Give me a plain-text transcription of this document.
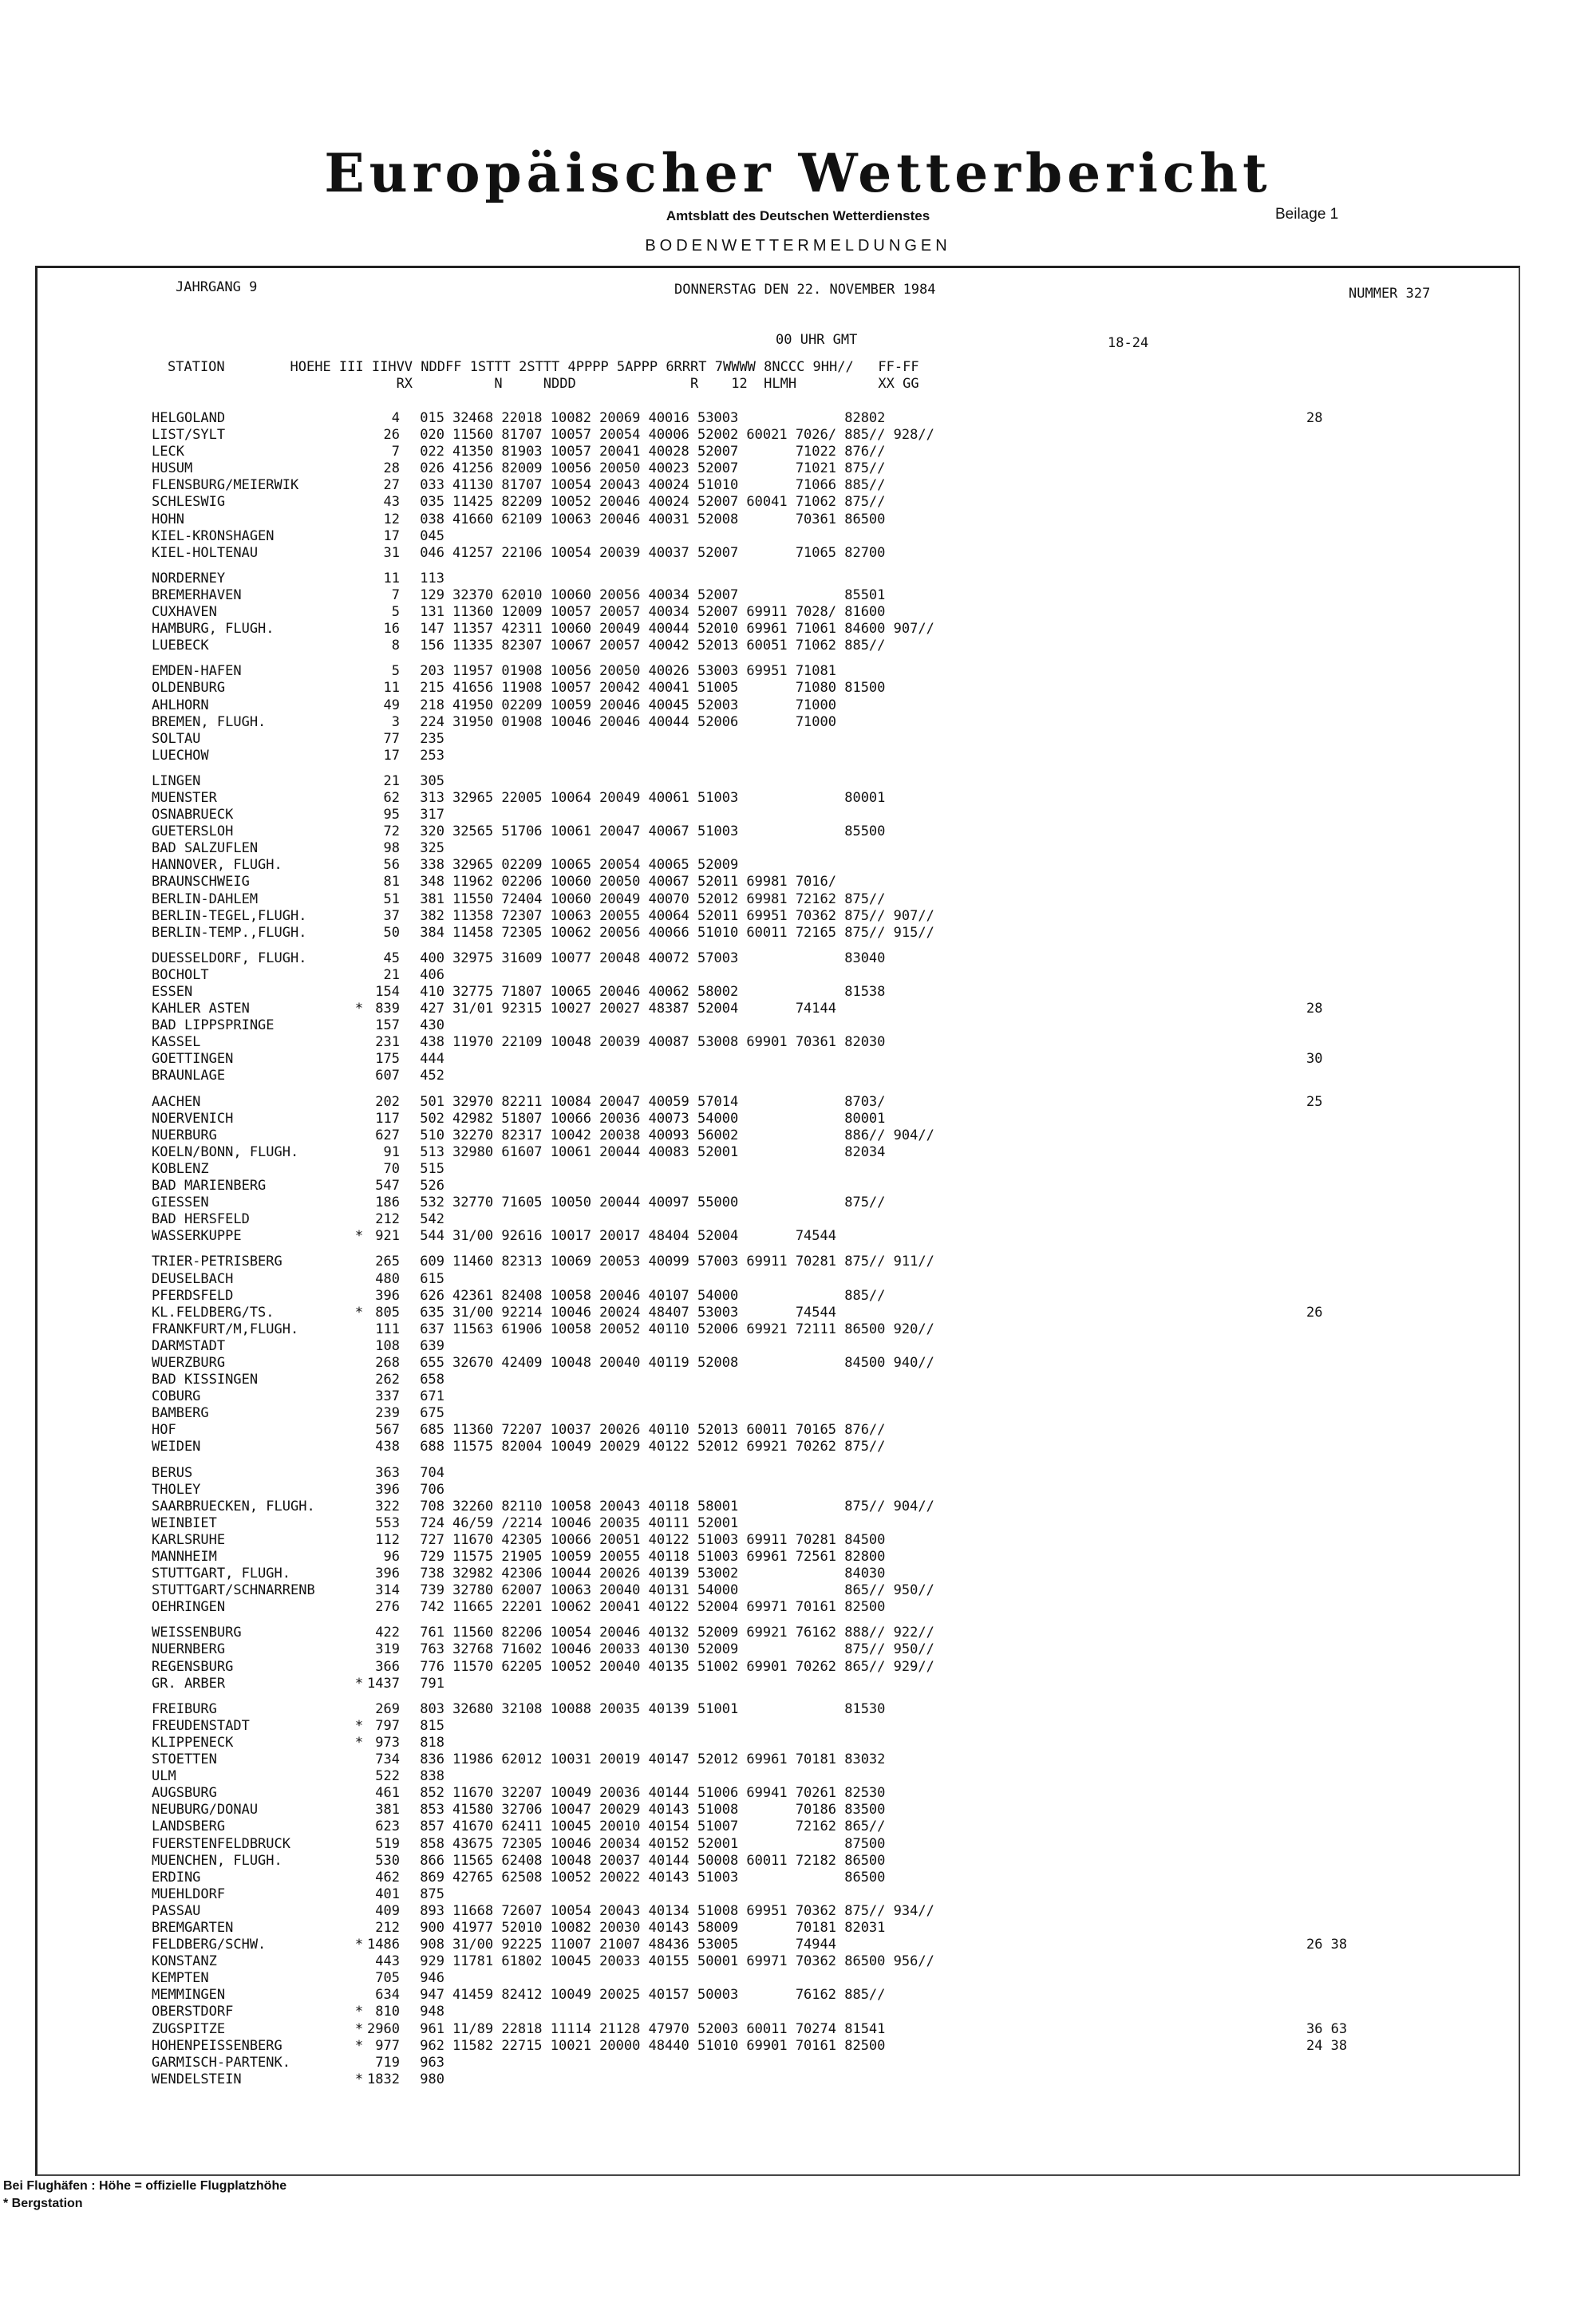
Europäischer Wetterbericht
Amtsblatt des Deutschen Wetterdienstes	Beilage 1
BODENWETTERMELDUNGEN
JAHRGANG 9	DONNERSTAG DEN 22. NOVEMBER 1984	NUMMER 327
00 UHR GMT	18-24
STATION        HOEHE III IIHVV NDDFF 1STTT 2STTT 4PPPP 5APPP 6RRRT 7WWWW 8NCCC 9HH//   FF-FF
RX          N     NDDD              R    12  HLMH          XX GG
HELGOLAND		4	015	32468 22018 10082 20069 40016 53003             82802	28
LIST/SYLT		26	020	11560 81707 10057 20054 40006 52002 60021 7026/ 885// 928//	
LECK		7	022	41350 81903 10057 20041 40028 52007       71022 876//	
HUSUM		28	026	41256 82009 10056 20050 40023 52007       71021 875//	
FLENSBURG/MEIERWIK		27	033	41130 81707 10054 20043 40024 51010       71066 885//	
SCHLESWIG		43	035	11425 82209 10052 20046 40024 52007 60041 71062 875//	
HOHN		12	038	41660 62109 10063 20046 40031 52008       70361 86500	
KIEL-KRONSHAGEN		17	045		
KIEL-HOLTENAU		31	046	41257 22106 10054 20039 40037 52007       71065 82700	

NORDERNEY		11	113		
BREMERHAVEN		7	129	32370 62010 10060 20056 40034 52007             85501	
CUXHAVEN		5	131	11360 12009 10057 20057 40034 52007 69911 7028/ 81600	
HAMBURG, FLUGH.		16	147	11357 42311 10060 20049 40044 52010 69961 71061 84600 907//	
LUEBECK		8	156	11335 82307 10067 20057 40042 52013 60051 71062 885//	

EMDEN-HAFEN		5	203	11957 01908 10056 20050 40026 53003 69951 71081	
OLDENBURG		11	215	41656 11908 10057 20042 40041 51005       71080 81500	
AHLHORN		49	218	41950 02209 10059 20046 40045 52003       71000	
BREMEN, FLUGH.		3	224	31950 01908 10046 20046 40044 52006       71000	
SOLTAU		77	235		
LUECHOW		17	253		

LINGEN		21	305		
MUENSTER		62	313	32965 22005 10064 20049 40061 51003             80001	
OSNABRUECK		95	317		
GUETERSLOH		72	320	32565 51706 10061 20047 40067 51003             85500	
BAD SALZUFLEN		98	325		
HANNOVER, FLUGH.		56	338	32965 02209 10065 20054 40065 52009	
BRAUNSCHWEIG		81	348	11962 02206 10060 20050 40067 52011 69981 7016/	
BERLIN-DAHLEM		51	381	11550 72404 10060 20049 40070 52012 69981 72162 875//	
BERLIN-TEGEL,FLUGH.		37	382	11358 72307 10063 20055 40064 52011 69951 70362 875// 907//	
BERLIN-TEMP.,FLUGH.		50	384	11458 72305 10062 20056 40066 51010 60011 72165 875// 915//	

DUESSELDORF, FLUGH.		45	400	32975 31609 10077 20048 40072 57003             83040	
BOCHOLT		21	406		
ESSEN		154	410	32775 71807 10065 20046 40062 58002             81538	
KAHLER ASTEN	*	839	427	31/01 92315 10027 20027 48387 52004       74144	28
BAD LIPPSPRINGE		157	430		
KASSEL		231	438	11970 22109 10048 20039 40087 53008 69901 70361 82030	
GOETTINGEN		175	444		30
BRAUNLAGE		607	452		

AACHEN		202	501	32970 82211 10084 20047 40059 57014             8703/	25
NOERVENICH		117	502	42982 51807 10066 20036 40073 54000             80001	
NUERBURG		627	510	32270 82317 10042 20038 40093 56002             886// 904//	
KOELN/BONN, FLUGH.		91	513	32980 61607 10061 20044 40083 52001             82034	
KOBLENZ		70	515		
BAD MARIENBERG		547	526		
GIESSEN		186	532	32770 71605 10050 20044 40097 55000             875//	
BAD HERSFELD		212	542		
WASSERKUPPE	*	921	544	31/00 92616 10017 20017 48404 52004       74544	

TRIER-PETRISBERG		265	609	11460 82313 10069 20053 40099 57003 69911 70281 875// 911//	
DEUSELBACH		480	615		
PFERDSFELD		396	626	42361 82408 10058 20046 40107 54000             885//	
KL.FELDBERG/TS.	*	805	635	31/00 92214 10046 20024 48407 53003       74544	26
FRANKFURT/M,FLUGH.		111	637	11563 61906 10058 20052 40110 52006 69921 72111 86500 920//	
DARMSTADT		108	639		
WUERZBURG		268	655	32670 42409 10048 20040 40119 52008             84500 940//	
BAD KISSINGEN		262	658		
COBURG		337	671		
BAMBERG		239	675		
HOF		567	685	11360 72207 10037 20026 40110 52013 60011 70165 876//	
WEIDEN		438	688	11575 82004 10049 20029 40122 52012 69921 70262 875//	

BERUS		363	704		
THOLEY		396	706		
SAARBRUECKEN, FLUGH.		322	708	32260 82110 10058 20043 40118 58001             875// 904//	
WEINBIET		553	724	46/59 /2214 10046 20035 40111 52001	
KARLSRUHE		112	727	11670 42305 10066 20051 40122 51003 69911 70281 84500	
MANNHEIM		96	729	11575 21905 10059 20055 40118 51003 69961 72561 82800	
STUTTGART, FLUGH.		396	738	32982 42306 10044 20026 40139 53002             84030	
STUTTGART/SCHNARRENB		314	739	32780 62007 10063 20040 40131 54000             865// 950//	
OEHRINGEN		276	742	11665 22201 10062 20041 40122 52004 69971 70161 82500	

WEISSENBURG		422	761	11560 82206 10054 20046 40132 52009 69921 76162 888// 922//	
NUERNBERG		319	763	32768 71602 10046 20033 40130 52009             875// 950//	
REGENSBURG		366	776	11570 62205 10052 20040 40135 51002 69901 70262 865// 929//	
GR. ARBER	*	1437	791		

FREIBURG		269	803	32680 32108 10088 20035 40139 51001             81530	
FREUDENSTADT	*	797	815		
KLIPPENECK	*	973	818		
STOETTEN		734	836	11986 62012 10031 20019 40147 52012 69961 70181 83032	
ULM		522	838		
AUGSBURG		461	852	11670 32207 10049 20036 40144 51006 69941 70261 82530	
NEUBURG/DONAU		381	853	41580 32706 10047 20029 40143 51008       70186 83500	
LANDSBERG		623	857	41670 62411 10045 20010 40154 51007       72162 865//	
FUERSTENFELDBRUCK		519	858	43675 72305 10046 20034 40152 52001             87500	
MUENCHEN, FLUGH.		530	866	11565 62408 10048 20037 40144 50008 60011 72182 86500	
ERDING		462	869	42765 62508 10052 20022 40143 51003             86500	
MUEHLDORF		401	875		
PASSAU		409	893	11668 72607 10054 20043 40134 51008 69951 70362 875// 934//	
BREMGARTEN		212	900	41977 52010 10082 20030 40143 58009       70181 82031	
FELDBERG/SCHW.	*	1486	908	31/00 92225 11007 21007 48436 53005       74944	26 38
KONSTANZ		443	929	11781 61802 10045 20033 40155 50001 69971 70362 86500 956//	
KEMPTEN		705	946		
MEMMINGEN		634	947	41459 82412 10049 20025 40157 50003       76162 885//	
OBERSTDORF	*	810	948		
ZUGSPITZE	*	2960	961	11/89 22818 11114 21128 47970 52003 60011 70274 81541	36 63
HOHENPEISSENBERG	*	977	962	11582 22715 10021 20000 48440 51010 69901 70161 82500	24 38
GARMISCH-PARTENK.		719	963		
WENDELSTEIN	*	1832	980		
Bei Flughäfen : Höhe = offizielle Flugplatzhöhe
* Bergstation
